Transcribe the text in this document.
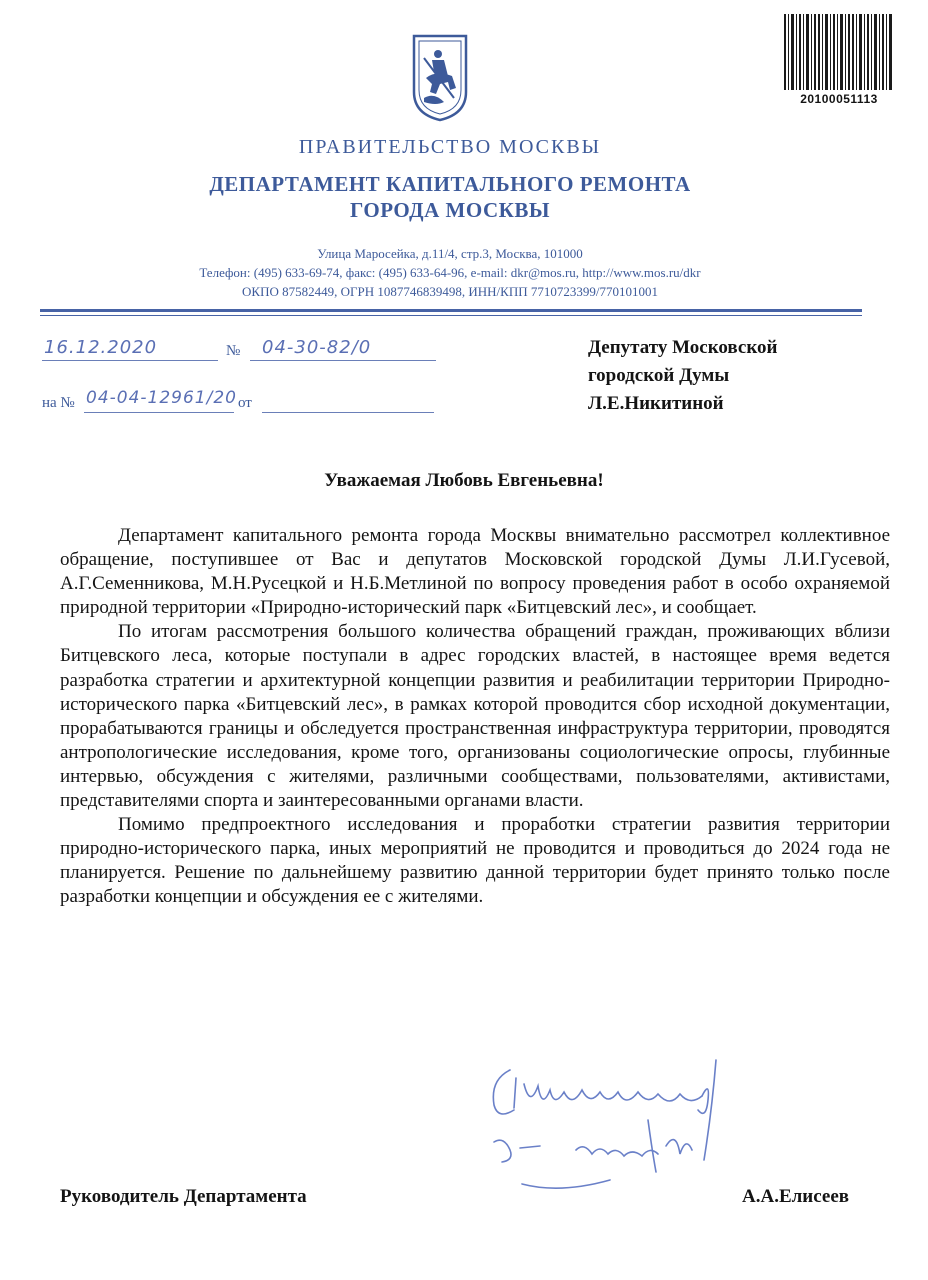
20100051113
ПРАВИТЕЛЬСТВО МОСКВЫ
ДЕПАРТАМЕНТ КАПИТАЛЬНОГО РЕМОНТА
ГОРОДА МОСКВЫ
Улица Маросейка, д.11/4, стр.3, Москва, 101000
Телефон: (495) 633-69-74, факс: (495) 633-64-96, e-mail: dkr@mos.ru, http://www.mos.ru/dkr
ОКПО 87582449, ОГРН 1087746839498, ИНН/КПП 7710723399/770101001
16.12.2020	№ 04-30-82/0
на № 04-04-12961/20 от
Депутату Московской
городской Думы
Л.Е.Никитиной
Уважаемая Любовь Евгеньевна!

Департамент капитального ремонта города Москвы внимательно рассмотрел коллективное обращение, поступившее от Вас и депутатов Московской городской Думы Л.И.Гусевой, А.Г.Семенникова, М.Н.Русецкой и Н.Б.Метлиной по вопросу проведения работ в особо охраняемой природной территории «Природно-исторический парк «Битцевский лес», и сообщает.

По итогам рассмотрения большого количества обращений граждан, проживающих вблизи Битцевского леса, которые поступали в адрес городских властей, в настоящее время ведется разработка стратегии и архитектурной концепции развития и реабилитации территории Природно-исторического парка «Битцевский лес», в рамках которой проводится сбор исходной документации, прорабатываются границы и обследуется пространственная инфраструктура территории, проводятся антропологические исследования, кроме того, организованы социологические опросы, глубинные интервью, обсуждения с жителями, различными сообществами, пользователями, активистами, представителями спорта и заинтересованными органами власти.

Помимо предпроектного исследования и проработки стратегии развития территории природно-исторического парка, иных мероприятий не проводится и проводиться до 2024 года не планируется. Решение по дальнейшему развитию данной территории будет принято только после разработки концепции и обсуждения ее с жителями.

Руководитель Департамента	А.А.Елисеев
